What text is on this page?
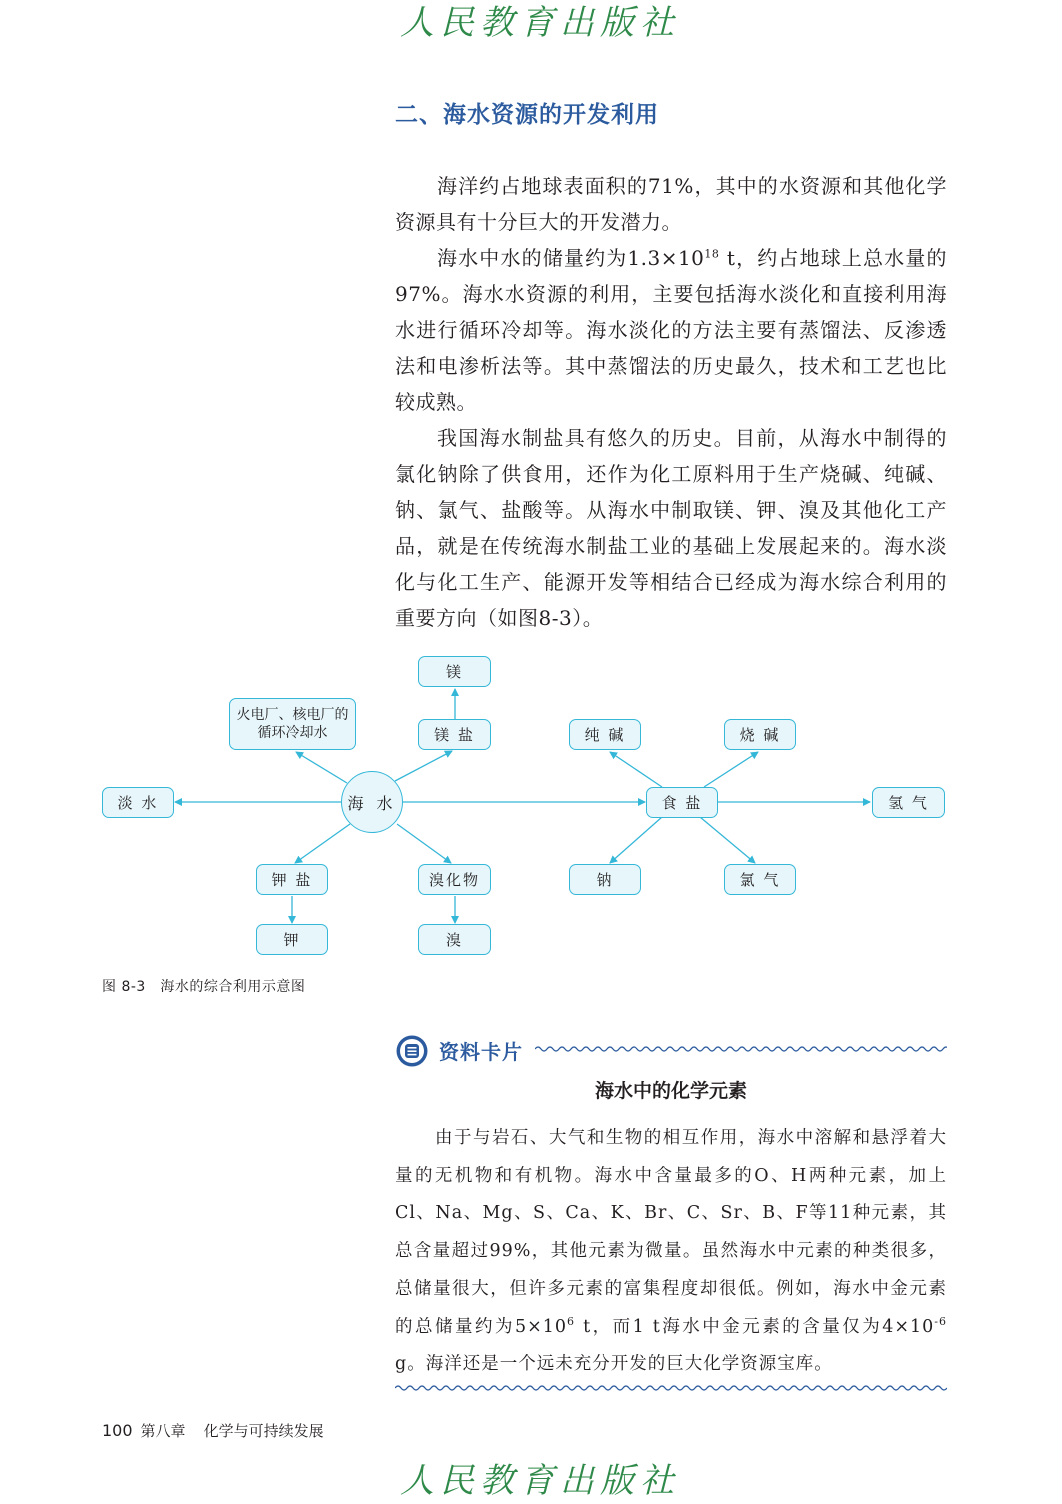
人民教育出版社
二、海水资源的开发利用

海洋约占地球表面积的71%，其中的水资源和其他化学资源具有十分巨大的开发潜力。

海水中水的储量约为$1.3\times 10^{18}$ t，约占地球上总水量的97%。海水水资源的利用，主要包括海水淡化和直接利用海水进行循环冷却等。海水淡化的方法主要有蒸馏法、反渗透法和电渗析法等。其中蒸馏法的历史最久，技术和工艺也比较成熟。

我国海水制盐具有悠久的历史。目前，从海水中制得的氯化钠除了供食用，还作为化工原料用于生产烧碱、纯碱、钠、氯气、盐酸等。从海水中制取镁、钾、溴及其他化工产品，就是在传统海水制盐工业的基础上发展起来的。海水淡化与化工生产、能源开发等相结合已经成为海水综合利用的重要方向（如图8-3）。

海 水
淡 水
火电厂、核电厂的循环冷却水	镁 盐
镁
钾 盐
钾
溴化物
溴
食 盐
纯 碱	烧 碱
氢 气
钠	氯 气
图 8-3　海水的综合利用示意图
资料卡片
海水中的化学元素

由于与岩石、大气和生物的相互作用，海水中溶解和悬浮着大量的无机物和有机物。海水中含量最多的O、H两种元素，加上Cl、Na、Mg、S、Ca、K、Br、C、Sr、B、F等11种元素，其总含量超过99%，其他元素为微量。虽然海水中元素的种类很多，总储量很大，但许多元素的富集程度却很低。例如，海水中金元素的总储量约为$5\times 10^6$ t，而1 t海水中金元素的含量仅为$4\times 10^{-6}$ g。海洋还是一个远未充分开发的巨大化学资源宝库。

100 第八章 化学与可持续发展
人民教育出版社
